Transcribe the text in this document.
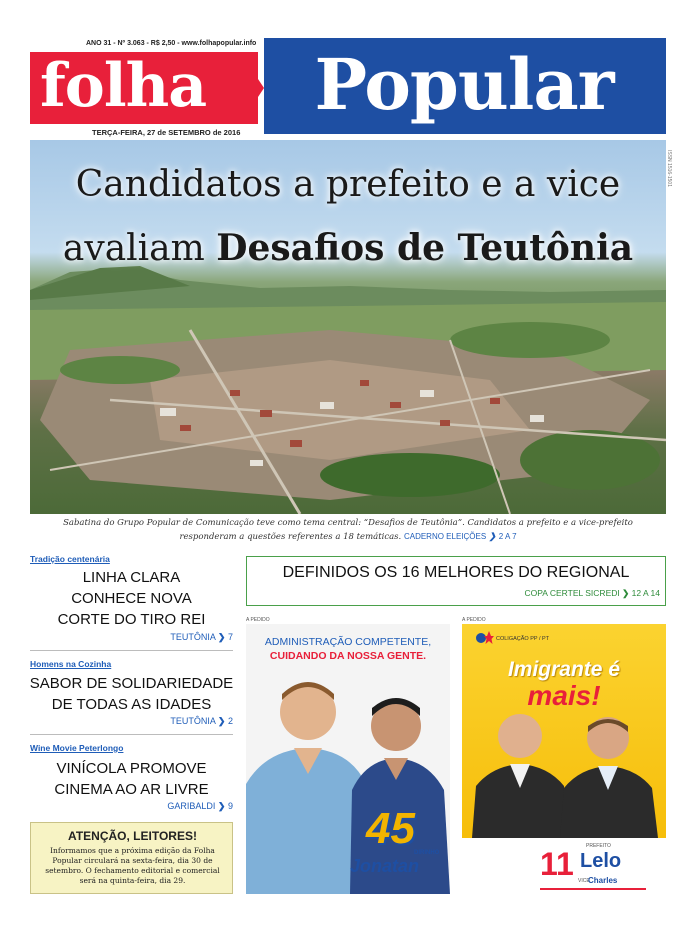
ANO 31 - Nº 3.063 - R$ 2,50 - www.folhapopular.info
folha	Popular
TERÇA-FEIRA, 27 de SETEMBRO de 2016
ISSN 1516-1501
Candidatos a prefeito e a vice
avaliam Desafios de Teutônia
Sabatina do Grupo Popular de Comunicação teve como tema central: “Desafios de Teutônia”. Candidatos a prefeito e a vice-prefeito responderam a questões referentes a 18 temáticas. CADERNO ELEIÇÕES ❯ 2 A 7
Tradição centenária
LINHA CLARA
CONHECE NOVA
CORTE DO TIRO REI
TEUTÔNIA ❯ 7
Homens na Cozinha
SABOR DE SOLIDARIEDADE
DE TODAS AS IDADES
TEUTÔNIA ❯ 2
Wine Movie Peterlongo
VINÍCOLA PROMOVE
CINEMA AO AR LIVRE
GARIBALDI ❯ 9
ATENÇÃO, LEITORES!
Informamos que a próxima edição da Folha Popular circulará na sexta-feira, dia 30 de setembro. O fechamento editorial e comercial será na quinta-feira, dia 29.
DEFINIDOS OS 16 MELHORES DO REGIONAL
COPA CERTEL SICREDI ❯ 12 A 14
A PEDIDO	A PEDIDO
ADMINISTRAÇÃO COMPETENTE,
CUIDANDO DA NOSSA GENTE.
45 DIRINHO
Jonatan
COLIGAÇÃO PP / PT
Imigrante é
mais!
11 PREFEITO
Lelo
VICE
Charles
